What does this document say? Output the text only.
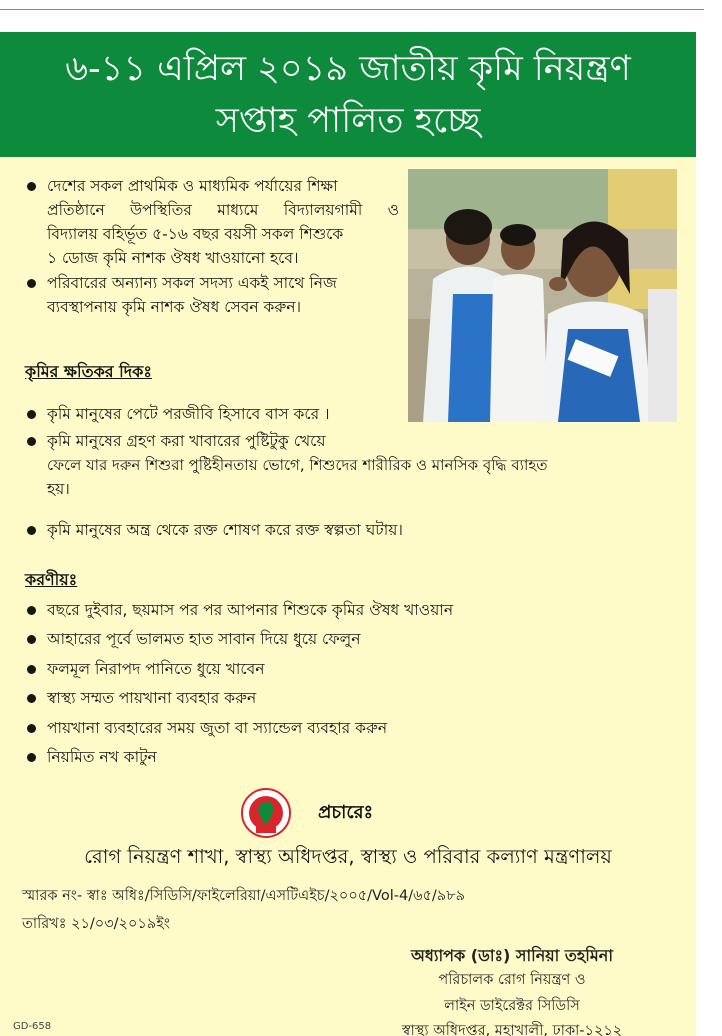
৬-১১ এপ্রিল ২০১৯ জাতীয় কৃমি নিয়ন্ত্রণ
সপ্তাহ পালিত হচ্ছে
দেশের সকল প্রাথমিক ও মাধ্যমিক পর্যায়ের শিক্ষা
প্রতিষ্ঠানে উপস্থিতির মাধ্যমে বিদ্যালয়গামী ও
বিদ্যালয় বহির্ভূত ৫-১৬ বছর বয়সী সকল শিশুকে
১ ডোজ কৃমি নাশক ঔষধ খাওয়ানো হবে।
পরিবারের অন্যান্য সকল সদস্য একই সাথে নিজ
ব্যবস্থাপনায় কৃমি নাশক ঔষধ সেবন করুন।
কৃমির ক্ষতিকর দিকঃ
কৃমি মানুষের পেটে পরজীবি হিসাবে বাস করে ।
কৃমি মানুষের গ্রহণ করা খাবারের পুষ্টিটুকু খেয়ে
ফেলে যার দরুন শিশুরা পুষ্টিহীনতায় ভোগে, শিশুদের শারীরিক ও মানসিক বৃদ্ধি ব্যাহত
হয়।
কৃমি মানুষের অন্ত্র থেকে রক্ত শোষণ করে রক্ত স্বল্পতা ঘটায়।
করণীয়ঃ
বছরে দুইবার, ছয়মাস পর পর আপনার শিশুকে কৃমির ঔষধ খাওয়ান
আহারের পূর্বে ভালমত হাত সাবান দিয়ে ধুয়ে ফেলুন
ফলমূল নিরাপদ পানিতে ধুয়ে খাবেন
স্বাস্থ্য সম্মত পায়খানা ব্যবহার করুন
পায়খানা ব্যবহারের সময় জুতা বা স্যান্ডেল ব্যবহার করুন
নিয়মিত নখ কাটুন
প্রচারেঃ
রোগ নিয়ন্ত্রণ শাখা, স্বাস্থ্য অধিদপ্তর, স্বাস্থ্য ও পরিবার কল্যাণ মন্ত্রণালয়
স্মারক নং- স্বাঃ অধিঃ/সিডিসি/ফাইলেরিয়া/এসটিএইচ/২০০৫/Vol-4/৬৫/৯৮৯
তারিখঃ ২১/০৩/২০১৯ইং
অধ্যাপক (ডাঃ) সানিয়া তহমিনা
পরিচালক রোগ নিয়ন্ত্রণ ও
লাইন ডাইরেক্টর সিডিসি
স্বাস্থ্য অধিদপ্তর, মহাখালী, ঢাকা-১২১২
GD-658
